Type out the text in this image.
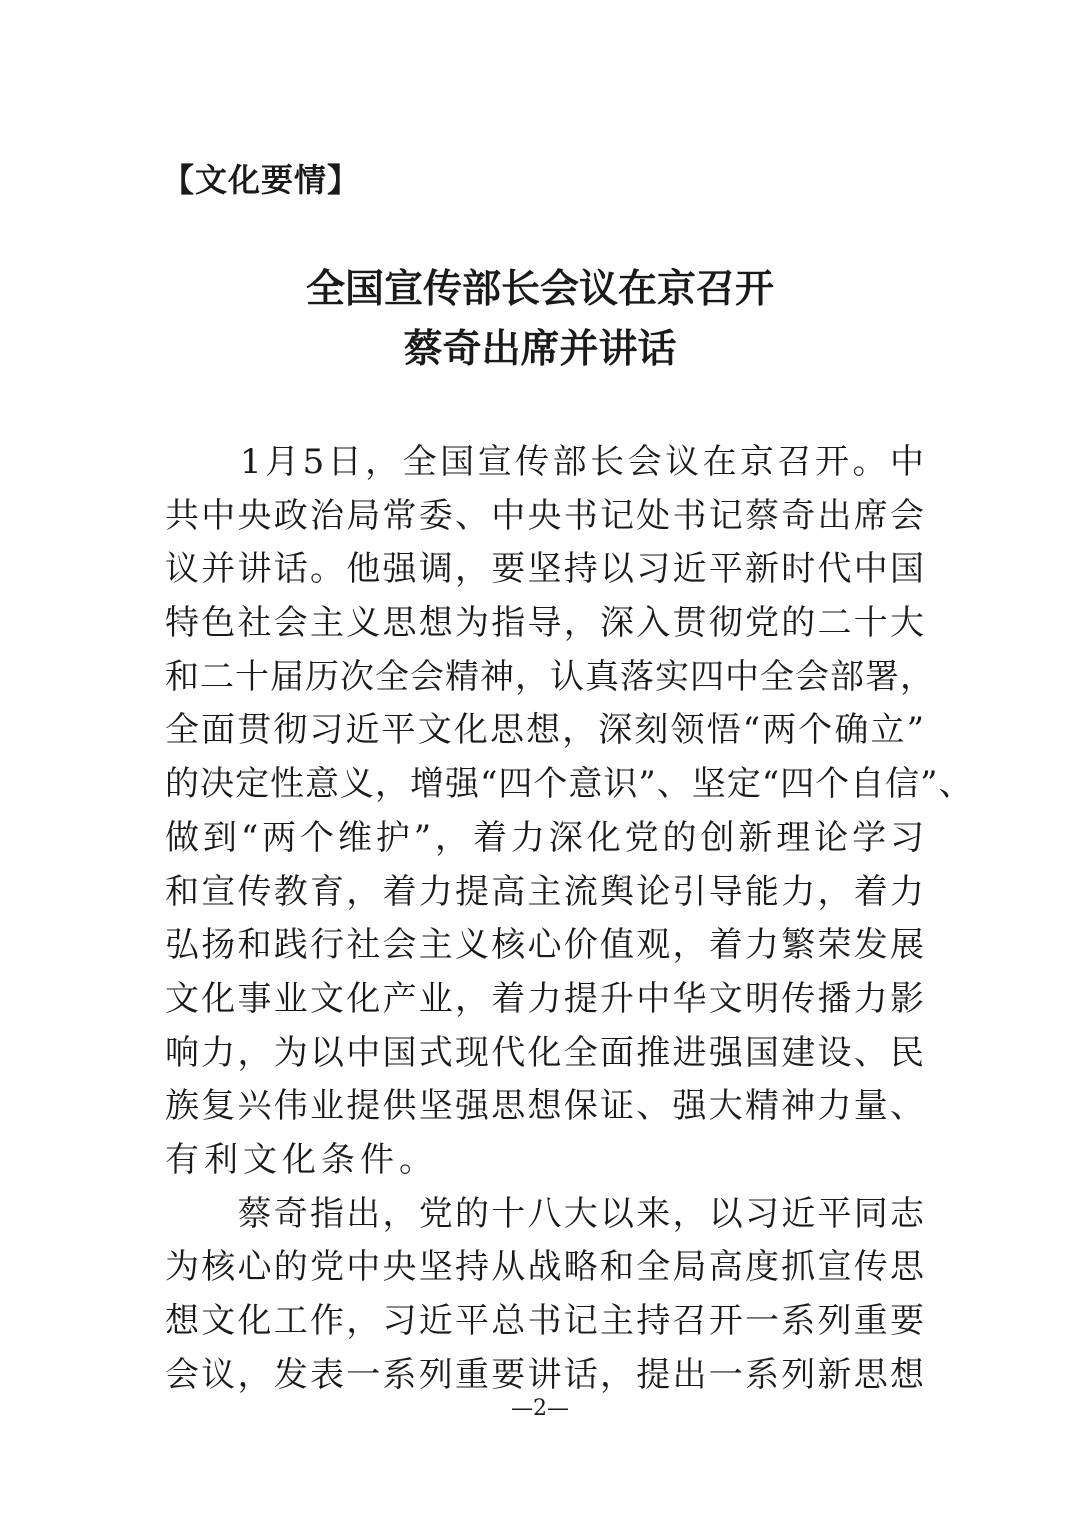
【文化要情】
全国宣传部长会议在京召开
蔡奇出席并讲话
　　1月5日，全国宣传部长会议在京召开。中
共中央政治局常委、中央书记处书记蔡奇出席会
议并讲话。他强调，要坚持以习近平新时代中国
特色社会主义思想为指导，深入贯彻党的二十大
和二十届历次全会精神，认真落实四中全会部署，
全面贯彻习近平文化思想，深刻领悟“两个确立”
的决定性意义，增强“四个意识”、坚定“四个自信”、
做到“两个维护”，着力深化党的创新理论学习
和宣传教育，着力提高主流舆论引导能力，着力
弘扬和践行社会主义核心价值观，着力繁荣发展
文化事业文化产业，着力提升中华文明传播力影
响力，为以中国式现代化全面推进强国建设、民
族复兴伟业提供坚强思想保证、强大精神力量、
有利文化条件。
　　蔡奇指出，党的十八大以来，以习近平同志
为核心的党中央坚持从战略和全局高度抓宣传思
想文化工作，习近平总书记主持召开一系列重要
会议，发表一系列重要讲话，提出一系列新思想
—2—
